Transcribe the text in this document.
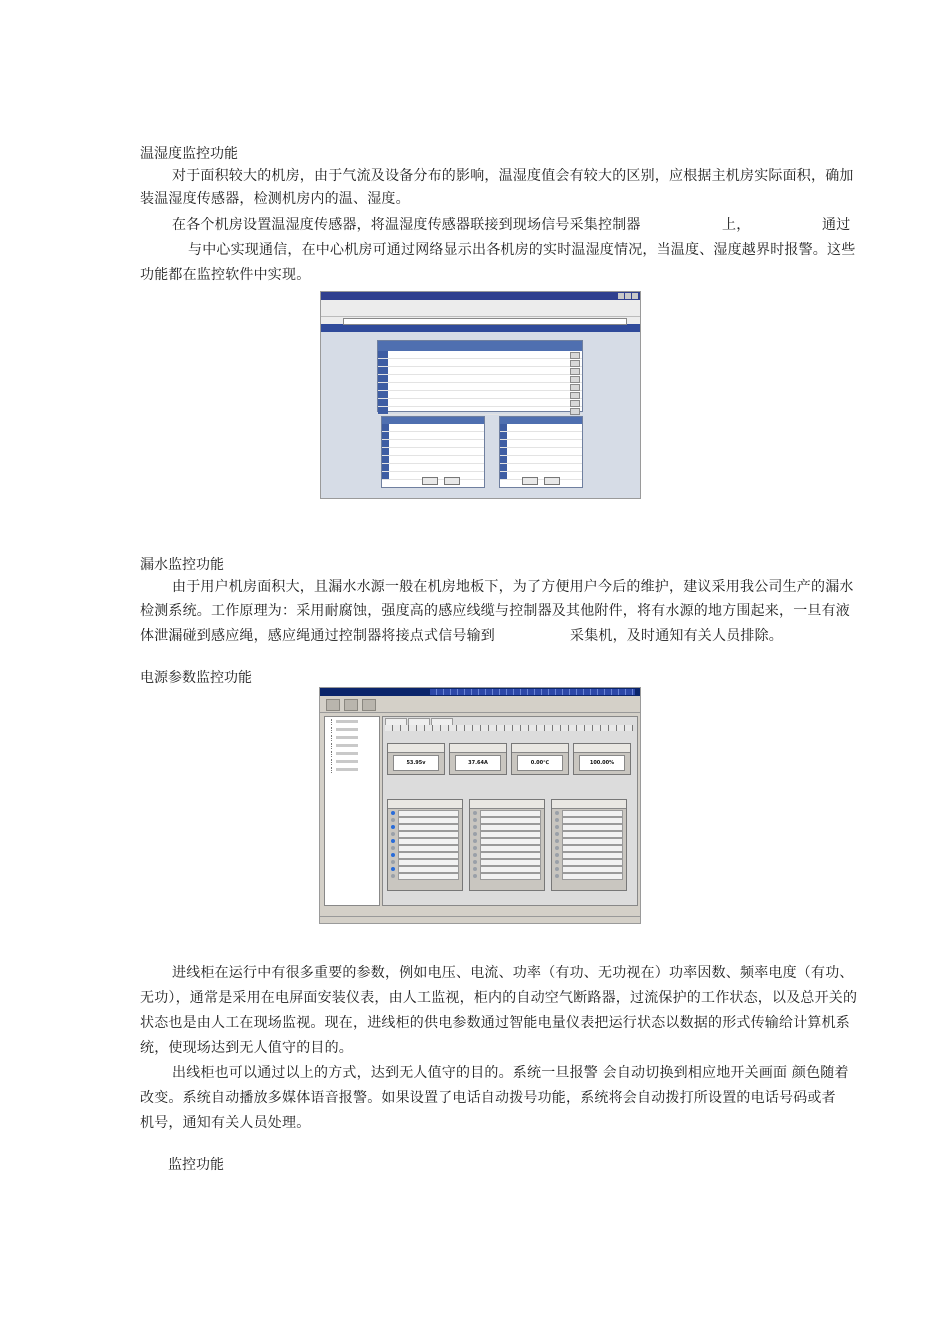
温湿度监控功能
对于面积较大的机房，由于气流及设备分布的影响，温湿度值会有较大的区别，应根据主机房实际面积，确加
装温湿度传感器，检测机房内的温、湿度。
在各个机房设置温湿度传感器，将温湿度传感器联接到现场信号采集控制器	上，	通过
与中心实现通信，在中心机房可通过网络显示出各机房的实时温湿度情况，当温度、湿度越界时报警。这些
功能都在监控软件中实现。
漏水监控功能
由于用户机房面积大，且漏水水源一般在机房地板下，为了方便用户今后的维护，建议采用我公司生产的漏水
检测系统。工作原理为：采用耐腐蚀，强度高的感应线缆与控制器及其他附件，将有水源的地方围起来，一旦有液
体泄漏碰到感应绳，感应绳通过控制器将接点式信号输到	采集机，及时通知有关人员排除。
电源参数监控功能
53.95v	37.64A	0.00℃	100.00%
进线柜在运行中有很多重要的参数，例如电压、电流、功率（有功、无功视在）功率因数、频率电度（有功、
无功），通常是采用在电屏面安装仪表，由人工监视，柜内的自动空气断路器，过流保护的工作状态，以及总开关的
状态也是由人工在现场监视。现在，进线柜的供电参数通过智能电量仪表把运行状态以数据的形式传输给计算机系
统，使现场达到无人值守的目的。
出线柜也可以通过以上的方式，达到无人值守的目的。系统一旦报警 会自动切换到相应地开关画面 颜色随着
改变。系统自动播放多媒体语音报警。如果设置了电话自动拨号功能，系统将会自动拨打所设置的电话号码或者
机号，通知有关人员处理。
监控功能
